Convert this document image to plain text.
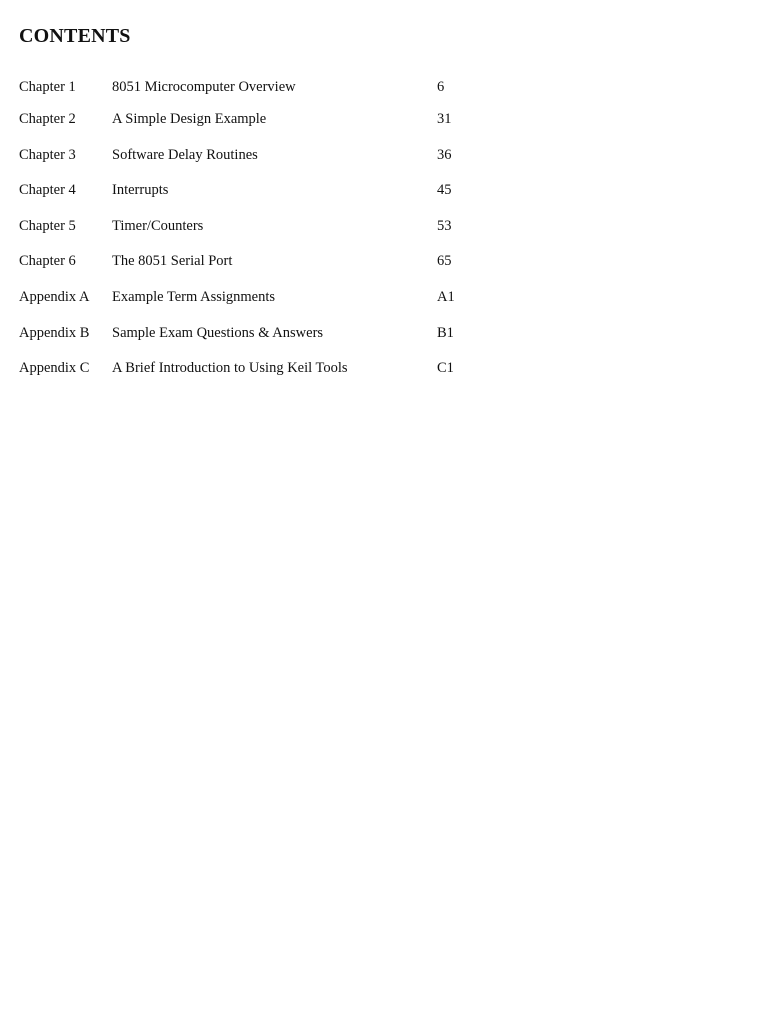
CONTENTS
Chapter 1 8051 Microcomputer Overview	6
Chapter 2 A Simple Design Example	31
Chapter 3 Software Delay Routines	36
Chapter 4 Interrupts	45
Chapter 5 Timer/Counters	53
Chapter 6 The 8051 Serial Port	65
Appendix A Example Term Assignments	A1
Appendix B Sample Exam Questions & Answers	B1
Appendix C A Brief Introduction to Using Keil Tools	C1
